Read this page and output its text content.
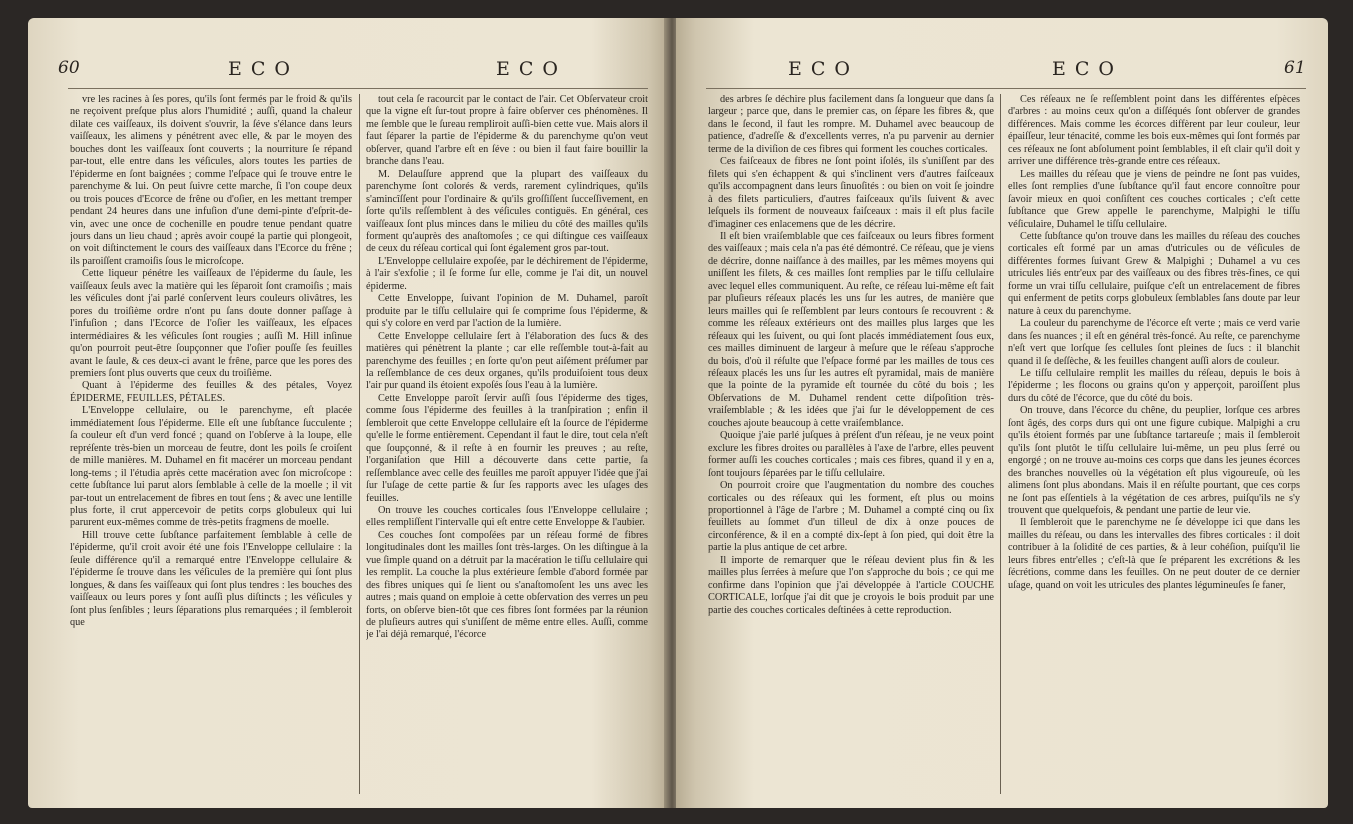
60	ECO	ECO

vre les racines à ſes pores, qu'ils ſont fermés par le froid & qu'ils ne reçoivent preſque plus alors l'humidité ; auſſi, quand la chaleur dilate ces vaiſſeaux, ils doivent s'ouvrir, la ſéve s'élance dans leurs vaiſſeaux, les alimens y pénétrent avec elle, & par le moyen des bouches dont les vaiſſeaux ſont couverts ; la nourriture ſe répand par-tout, elle entre dans les véſicules, alors toutes les parties de l'épiderme en ſont baignées ; comme l'eſpace qui ſe trouve entre le parenchyme & lui. On peut ſuivre cette marche, ſi l'on coupe deux ou trois pouces d'Ecorce de frêne ou d'oſier, en les mettant tremper pendant 24 heures dans une infuſion d'une demi-pinte d'eſprit-de-vin, avec une once de cochenille en poudre tenue pendant quatre jours dans un lieu chaud ; après avoir coupé la partie qui plongeoit, on voit diſtinctement le cours des vaiſſeaux dans l'Ecorce du frêne ; ils paroiſſent cramoiſis ſous le microſcope.

Cette liqueur pénétre les vaiſſeaux de l'épiderme du ſaule, les vaiſſeaux ſeuls avec la matière qui les ſéparoit ſont cramoiſis ; mais les véſicules dont j'ai parlé conſervent leurs couleurs olivâtres, les pores du troiſième ordre n'ont pu ſans doute donner paſſage à l'infuſion ; dans l'Ecorce de l'oſier les vaiſſeaux, les eſpaces intermédiaires & les véſicules ſont rougies ; auſſi M. Hill inſinue qu'on pourroit peut-être ſoupçonner que l'oſier pouſſe ſes feuilles avant le ſaule, & ces deux-ci avant le frêne, parce que les pores des premiers ſont plus ouverts que ceux du troiſième.

Quant à l'épiderme des feuilles & des pétales, Voyez ÉPIDERME, FEUILLES, PÉTALES.

L'Enveloppe cellulaire, ou le parenchyme, eſt placée immédiatement ſous l'épiderme. Elle eſt une ſubſtance ſucculente ; ſa couleur eſt d'un verd foncé ; quand on l'obſerve à la loupe, elle repréſente très-bien un morceau de feutre, dont les poils ſe croiſent de mille manières. M. Duhamel en fit macérer un morceau pendant long-tems ; il l'étudia après cette macération avec ſon microſcope : cette ſubſtance lui parut alors ſemblable à celle de la moelle ; il vit par-tout un entrelacement de fibres en tout ſens ; & avec une lentille plus forte, il crut appercevoir de petits corps globuleux qui lui parurent eux-mêmes comme de très-petits fragmens de moelle.

Hill trouve cette ſubſtance parfaitement ſemblable à celle de l'épiderme, qu'il croit avoir été une fois l'Enveloppe cellulaire : la ſeule différence qu'il a remarqué entre l'Enveloppe cellulaire & l'épiderme ſe trouve dans les véſicules de la première qui ſont plus longues, & dans ſes vaiſſeaux qui ſont plus tendres : les bouches des vaiſſeaux ou leurs pores y ſont auſſi plus diſtincts ; les véſicules y ſont plus ſenſibles ; leurs ſéparations plus remarquées ; il ſembleroit que

tout cela ſe racourcit par le contact de l'air. Cet Obſervateur croit que la vigne eſt ſur-tout propre à faire obſerver ces phénomènes. Il me ſemble que le ſureau rempliroit auſſi-bien cette vue. Mais alors il faut ſéparer la partie de l'épiderme & du parenchyme qu'on veut obſerver, quand l'arbre eſt en ſéve : ou bien il faut faire bouillir la branche dans l'eau.

M. Delauſſure apprend que la plupart des vaiſſeaux du parenchyme ſont colorés & verds, rarement cylindriques, qu'ils s'amincîſſent pour l'ordinaire & qu'ils groſſiſſent ſucceſſivement, en ſorte qu'ils reſſemblent à des véſicules contiguës. En général, ces vaiſſeaux ſont plus minces dans le milieu du côté des mailles qu'ils forment qu'auprès des anaſtomoſes ; ce qui diſtingue ces vaiſſeaux de ceux du réſeau cortical qui ſont également gros par-tout.

L'Enveloppe cellulaire expoſée, par le déchirement de l'épiderme, à l'air s'exfolie ; il ſe forme ſur elle, comme je l'ai dit, un nouvel épiderme.

Cette Enveloppe, ſuivant l'opinion de M. Duhamel, paroît produite par le tiſſu cellulaire qui ſe comprime ſous l'épiderme, & qui s'y colore en verd par l'action de la lumière.

Cette Enveloppe cellulaire ſert à l'élaboration des ſucs & des matières qui pénètrent la plante ; car elle reſſemble tout-à-fait au parenchyme des feuilles ; en ſorte qu'on peut aiſément préſumer par la reſſemblance de ces deux organes, qu'ils produiſoient tous deux l'air pur quand ils étoient expoſés ſous l'eau à la lumière.

Cette Enveloppe paroît ſervir auſſi ſous l'épiderme des tiges, comme ſous l'épiderme des feuilles à la tranſpiration ; enfin il ſembleroit que cette Enveloppe cellulaire eſt la ſource de l'épiderme qu'elle le forme entièrement. Cependant il faut le dire, tout cela n'eſt que ſoupçonné, & il reſte à en fournir les preuves ; au reſte, l'organiſation que Hill a découverte dans cette partie, ſa reſſemblance avec celle des feuilles me paroît appuyer l'idée que j'ai ſur l'uſage de cette partie & ſur ſes rapports avec les uſages des feuilles.

On trouve les couches corticales ſous l'Enveloppe cellulaire ; elles rempliſſent l'intervalle qui eſt entre cette Enveloppe & l'aubier.

Ces couches ſont compoſées par un réſeau formé de fibres longitudinales dont les mailles ſont très-larges. On les diſtingue à la vue ſimple quand on a détruit par la macération le tiſſu cellulaire qui les remplit. La couche la plus extérieure ſemble d'abord formée par des fibres uniques qui ſe lient ou s'anaſtomoſent les uns avec les autres ; mais quand on emploie à cette obſervation des verres un peu forts, on obſerve bien-tôt que ces fibres ſont formées par la réunion de pluſieurs autres qui s'uniſſent de même entre elles. Auſſi, comme je l'ai déjà remarqué, l'écorce

ECO	ECO	61

des arbres ſe déchire plus facilement dans ſa longueur que dans ſa largeur ; parce que, dans le premier cas, on ſépare les fibres &, que dans le ſecond, il faut les rompre. M. Duhamel avec beaucoup de patience, d'adreſſe & d'excellents verres, n'a pu parvenir au dernier terme de la diviſion de ces fibres qui forment les couches corticales.

Ces faiſceaux de fibres ne ſont point iſolés, ils s'uniſſent par des filets qui s'en échappent & qui s'inclinent vers d'autres faiſceaux qu'ils accompagnent dans leurs ſinuoſités : ou bien on voit ſe joindre à des filets particuliers, d'autres faiſceaux qu'ils ſuivent & avec leſquels ils forment de nouveaux faiſceaux : mais il eſt plus facile d'imaginer ces enlacemens que de les décrire.

Il eſt bien vraiſemblable que ces faiſceaux ou leurs fibres forment des vaiſſeaux ; mais cela n'a pas été démontré. Ce réſeau, que je viens de décrire, donne naiſſance à des mailles, par les mêmes moyens qui uniſſent les filets, & ces mailles ſont remplies par le tiſſu cellulaire avec lequel elles communiquent. Au reſte, ce réſeau lui-même eſt fait par pluſieurs réſeaux placés les uns ſur les autres, de manière que leurs mailles qui ſe reſſemblent par leurs contours ſe recouvrent : & comme les réſeaux extérieurs ont des mailles plus larges que les réſeaux qui les ſuivent, ou qui ſont placés immédiatement ſous eux, ces mailles diminuent de largeur à meſure que le réſeau s'approche du bois, d'où il réſulte que l'eſpace formé par les mailles de tous ces réſeaux placés les uns ſur les autres eſt pyramidal, mais de manière que la pointe de la pyramide eſt tournée du côté du bois ; les Obſervations de M. Duhamel rendent cette diſpoſition très-vraiſemblable ; & les idées que j'ai ſur le développement de ces couches ajoute beaucoup à cette vraiſemblance.

Quoique j'aie parlé juſques à préſent d'un réſeau, je ne veux point exclure les fibres droites ou parallèles à l'axe de l'arbre, elles peuvent former auſſi les couches corticales ; mais ces fibres, quand il y en a, ſont toujours ſéparées par le tiſſu cellulaire.

On pourroit croire que l'augmentation du nombre des couches corticales ou des réſeaux qui les forment, eſt plus ou moins proportionnel à l'âge de l'arbre ; M. Duhamel a compté cinq ou ſix feuillets au ſommet d'un tilleul de dix à onze pouces de circonférence, & il en a compté dix-ſept à ſon pied, qui doit être la partie la plus antique de cet arbre.

Il importe de remarquer que le réſeau devient plus fin & les mailles plus ſerrées à meſure que l'on s'approche du bois ; ce qui me confirme dans l'opinion que j'ai développée à l'article COUCHE CORTICALE, lorſque j'ai dit que je croyois le bois produit par une partie des couches corticales deſtinées à cette reproduction.

Ces réſeaux ne ſe reſſemblent point dans les différentes eſpèces d'arbres : au moins ceux qu'on a diſſéqués ſont obſerver de grandes différences. Mais comme les écorces diffèrent par leur couleur, leur épaiſſeur, leur ténacité, comme les bois eux-mêmes qui ſont formés par ces réſeaux ne ſont abſolument point ſemblables, il eſt clair qu'il doit y arriver une différence très-grande entre ces réſeaux.

Les mailles du réſeau que je viens de peindre ne ſont pas vuides, elles ſont remplies d'une ſubſtance qu'il faut encore connoître pour ſavoir mieux en quoi conſiſtent ces couches corticales ; c'eſt cette ſubſtance que Grew appelle le parenchyme, Malpighi le tiſſu véſiculaire, Duhamel le tiſſu cellulaire.

Cette ſubſtance qu'on trouve dans les mailles du réſeau des couches corticales eſt formé par un amas d'utricules ou de véſicules de différentes formes ſuivant Grew & Malpighi ; Duhamel a vu ces utricules liés entr'eux par des vaiſſeaux ou des fibres très-fines, ce qui forme un vrai tiſſu cellulaire, puiſque c'eſt un entrelacement de fibres qui enferment de petits corps globuleux ſemblables ſans doute par leur nature à ceux du parenchyme.

La couleur du parenchyme de l'écorce eſt verte ; mais ce verd varie dans ſes nuances ; il eſt en général très-foncé. Au reſte, ce parenchyme n'eſt vert que lorſque ſes cellules ſont pleines de ſucs : il blanchit quand il ſe deſſèche, & les feuilles changent auſſi alors de couleur.

Le tiſſu cellulaire remplit les mailles du réſeau, depuis le bois à l'épiderme ; les flocons ou grains qu'on y apperçoit, paroiſſent plus durs du côté de l'écorce, que du côté du bois.

On trouve, dans l'écorce du chêne, du peuplier, lorſque ces arbres ſont âgés, des corps durs qui ont une figure cubique. Malpighi a cru qu'ils étoient formés par une ſubſtance tartareuſe ; mais il ſembleroit qu'ils ſont plutôt le tiſſu cellulaire lui-même, un peu plus ſerré ou engorgé ; on ne trouve au-moins ces corps que dans les jeunes écorces des branches nouvelles où la végétation eſt plus vigoureuſe, où les alimens ſont plus abondans. Mais il en réſulte pourtant, que ces corps ne ſont pas eſſentiels à la végétation de ces arbres, puiſqu'ils ne s'y trouvent que quelquefois, & pendant une partie de leur vie.

Il ſembleroit que le parenchyme ne ſe développe ici que dans les mailles du réſeau, ou dans les intervalles des fibres corticales : il doit contribuer à la ſolidité de ces parties, & à leur cohéſion, puiſqu'il lie leurs fibres entr'elles ; c'eſt-là que ſe préparent les excrétions & les ſécrétions, comme dans les feuilles. On ne peut douter de ce dernier uſage, quand on voit les utricules des plantes légumineuſes ſe faner,
